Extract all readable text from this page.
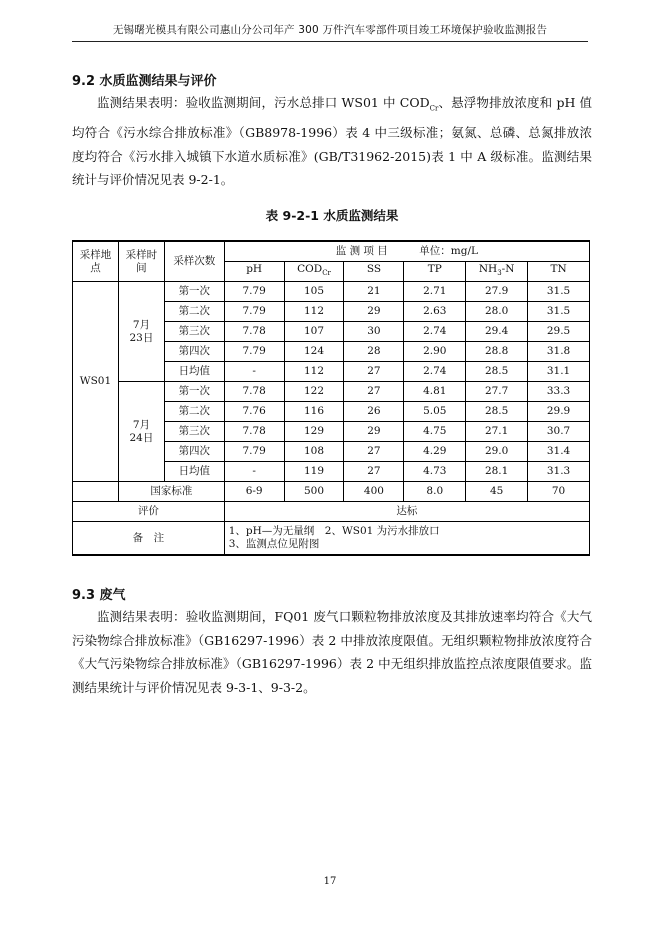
无锡曙光模具有限公司惠山分公司年产 300 万件汽车零部件项目竣工环境保护验收监测报告
9.2 水质监测结果与评价

监测结果表明：验收监测期间，污水总排口 WS01 中 $COD_{Cr}$、悬浮物排放浓度和 pH 值均符合《污水综合排放标准》（GB8978-1996）表 4 中三级标准；氨氮、总磷、总氮排放浓度均符合《污水排入城镇下水道水质标准》(GB/T31962-2015)表 1 中 A 级标准。监测结果统计与评价情况见表 9-2-1。

表 9-2-1 水质监测结果
采样地点	采样时间	采样次数	监 测 项 目　　　单位：mg/L					
			pH	$COD_{Cr}$	SS	TP	$NH_3-N$	TN
WS01	7月23日	第一次	7.79	105	21	2.71	27.9	31.5
		第二次	7.79	112	29	2.63	28.0	31.5
		第三次	7.78	107	30	2.74	29.4	29.5
		第四次	7.79	124	28	2.90	28.8	31.8
		日均值	-	112	27	2.74	28.5	31.1
	7月24日	第一次	7.78	122	27	4.81	27.7	33.3
		第二次	7.76	116	26	5.05	28.5	29.9
		第三次	7.78	129	29	4.75	27.1	30.7
		第四次	7.79	108	27	4.29	29.0	31.4
		日均值	-	119	27	4.73	28.1	31.3
	国家标准		6-9	500	400	8.0	45	70
评价			达标					
备　注			1、pH—为无量纲　2、WS01 为污水排放口
3、监测点位见附图					
9.3 废气

监测结果表明：验收监测期间，FQ01 废气口颗粒物排放浓度及其排放速率均符合《大气污染物综合排放标准》（GB16297-1996）表 2 中排放浓度限值。无组织颗粒物排放浓度符合《大气污染物综合排放标准》（GB16297-1996）表 2 中无组织排放监控点浓度限值要求。监测结果统计与评价情况见表 9-3-1、9-3-2。

17
